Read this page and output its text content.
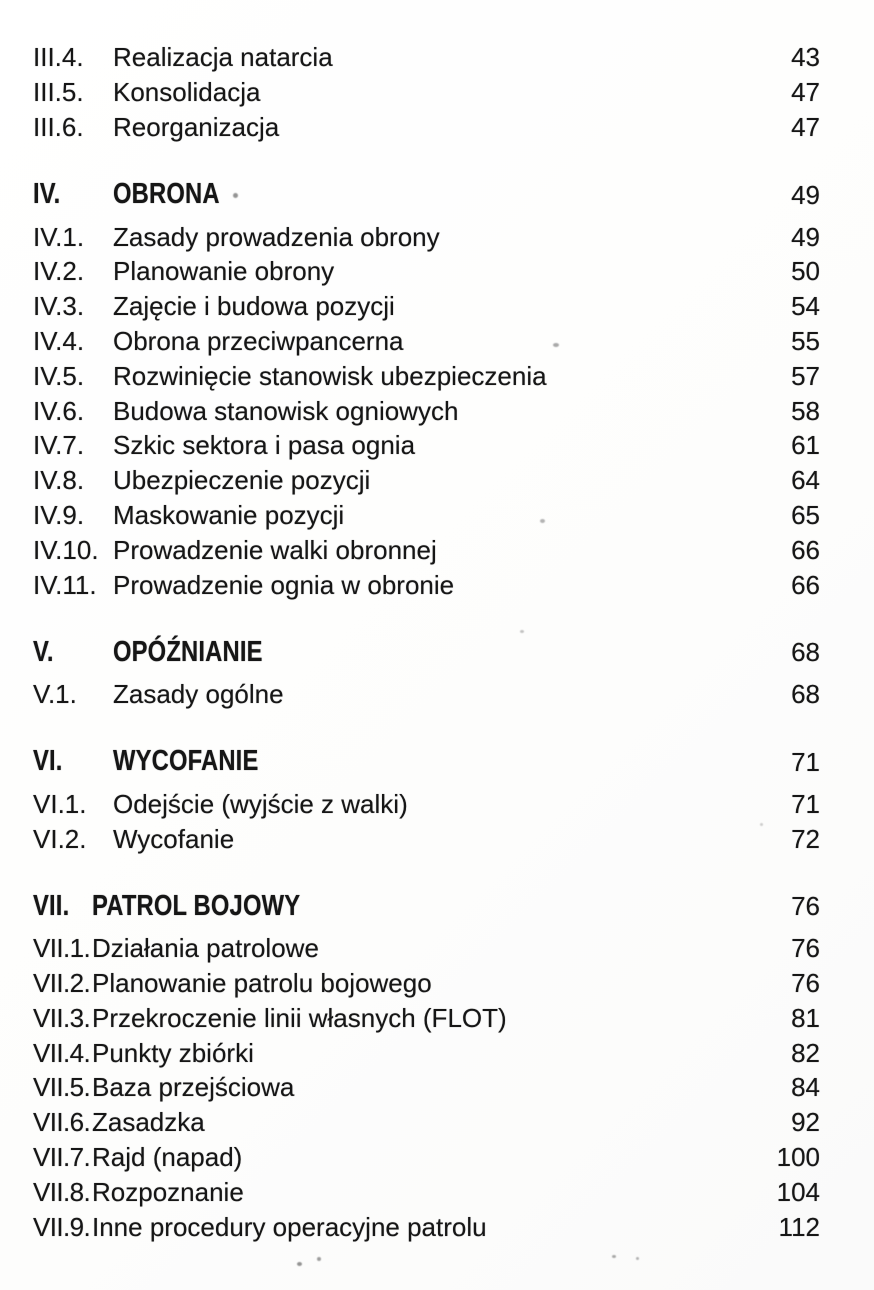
III.4.	Realizacja natarcia	43
III.5.	Konsolidacja	47
III.6.	Reorganizacja	47
IV.	OBRONA	49
IV.1.	Zasady prowadzenia obrony	49
IV.2.	Planowanie obrony	50
IV.3.	Zajęcie i budowa pozycji	54
IV.4.	Obrona przeciwpancerna	55
IV.5.	Rozwinięcie stanowisk ubezpieczenia	57
IV.6.	Budowa stanowisk ogniowych	58
IV.7.	Szkic sektora i pasa ognia	61
IV.8.	Ubezpieczenie pozycji	64
IV.9.	Maskowanie pozycji	65
IV.10. Prowadzenie walki obronnej	66
IV.11. Prowadzenie ognia w obronie	66
V.	OPÓŹNIANIE	68
V.1.	Zasady ogólne	68
VI.	WYCOFANIE	71
VI.1.	Odejście (wyjście z walki)	71
VI.2.	Wycofanie	72
VII. PATROL BOJOWY	76
VII.1. Działania patrolowe	76
VII.2. Planowanie patrolu bojowego	76
VII.3. Przekroczenie linii własnych (FLOT)	81
VII.4. Punkty zbiórki	82
VII.5. Baza przejściowa	84
VII.6. Zasadzka	92
VII.7. Rajd (napad)	100
VII.8. Rozpoznanie	104
VII.9. Inne procedury operacyjne patrolu	112
